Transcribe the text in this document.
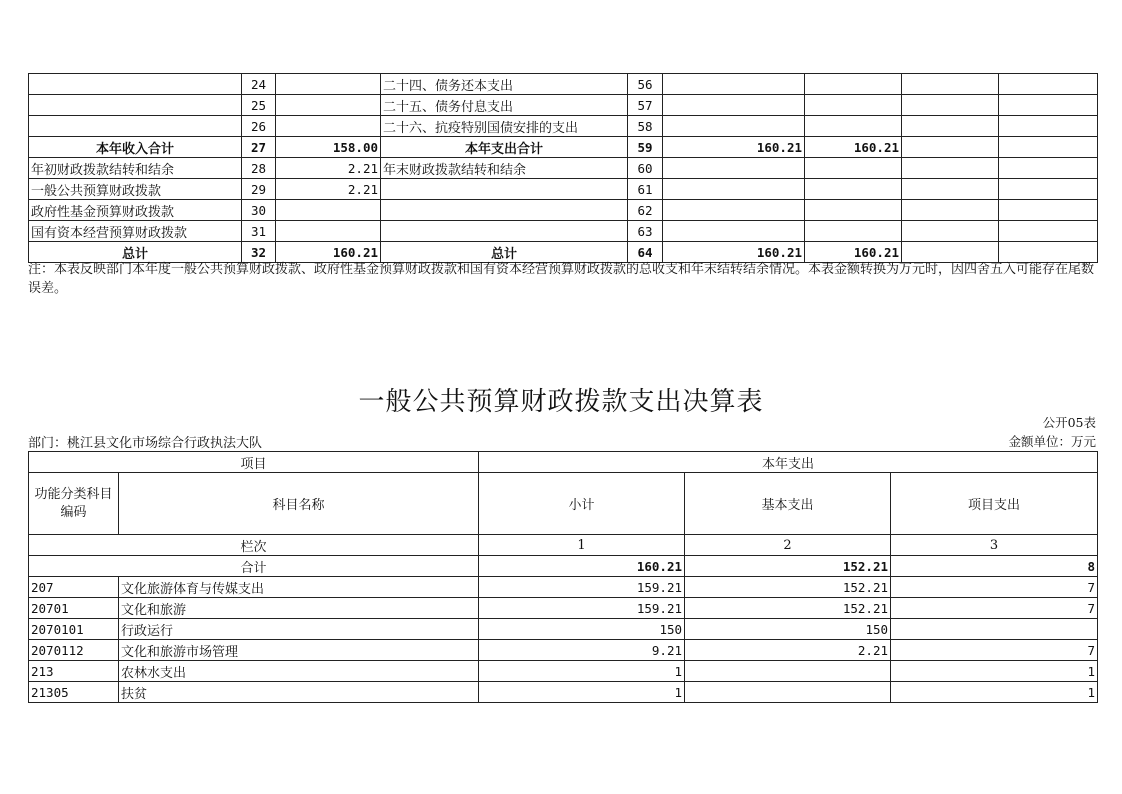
	24		二十四、债务还本支出	56				
	25		二十五、债务付息支出	57				
	26		二十六、抗疫特别国债安排的支出	58				
本年收入合计	27	158.00	本年支出合计	59	160.21	160.21		
年初财政拨款结转和结余	28	2.21	年末财政拨款结转和结余	60				
一般公共预算财政拨款	29	2.21		61				
政府性基金预算财政拨款	30			62				
国有资本经营预算财政拨款	31			63				
总计	32	160.21	总计	64	160.21	160.21		
注：本表反映部门本年度一般公共预算财政拨款、政府性基金预算财政拨款和国有资本经营预算财政拨款的总收支和年末结转结余情况。本表金额转换为万元时，因四舍五入可能存在尾数误差。
一般公共预算财政拨款支出决算表
公开05表
部门：桃江县文化市场综合行政执法大队	金额单位：万元
项目		本年支出		
功能分类科目编码	科目名称	小计	基本支出	项目支出
栏次		1	2	3
合计		160.21	152.21	8
207	文化旅游体育与传媒支出	159.21	152.21	7
20701	文化和旅游	159.21	152.21	7
2070101	行政运行	150	150	
2070112	文化和旅游市场管理	9.21	2.21	7
213	农林水支出	1		1
21305	扶贫	1		1
